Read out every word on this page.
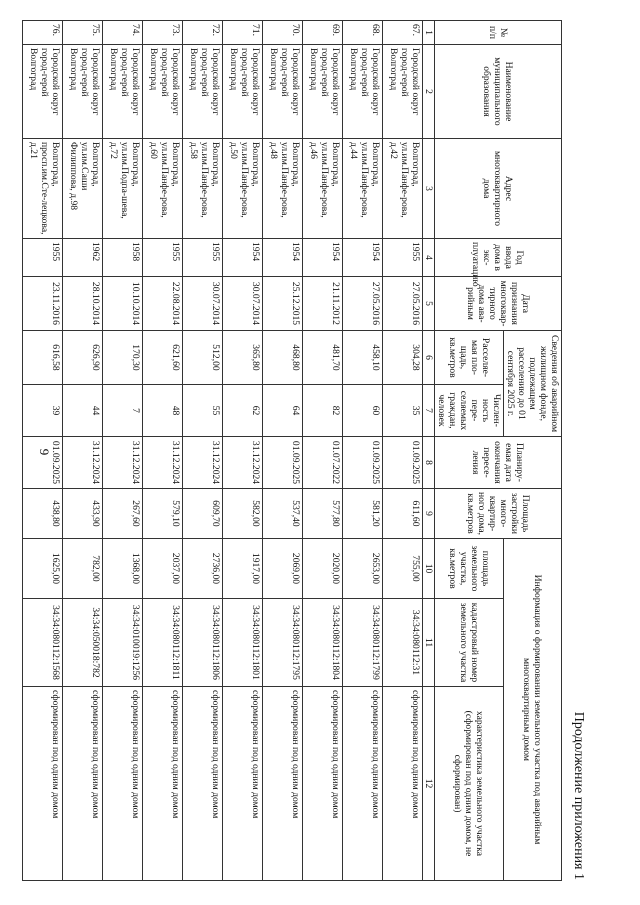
9
Продолжение приложения 1
№ п/п	Наименование муниципального образования	Адрес многоквартирного дома	Год ввода дома в экс-плуатацию	Дата признания многоквар-тирного дома ава-рийным	Сведения об аварийном жилищном фонде, подлежащем расселению до 01 сентября 2025 г.		Планиру-емая дата окончания пересе-ления	Площадь застройки много-квартир-ного дома, кв.метров	Информация о формировании земельного участка под аварийным многоквартирным домом		
					Расселяе-мая пло-щадь, кв.метров	Числен-ность пере-селяемых граждан, человек			площадь земельного участка, кв.метров	кадастровый номер земельного участка	характеристика земельного участка (сформирован под одним домом, не сформирован)
1	2	3	4	5	6	7	8	9	10	11	12
67.	Городской округ город-герой Волгоград	Волгоград, ул.им.Панфе-рова, д.42	1955	27.05.2016	304,28	35	01.09.2025	611,60	755,00	34:34:080112:31	сформирован под одним домом
68.	Городской округ город-герой Волгоград	Волгоград, ул.им.Панфе-рова, д.44	1954	27.05.2016	458,10	60	01.09.2025	581,20	2653,00	34:34:080112:1799	сформирован под одним домом
69.	Городской округ город-герой Волгоград	Волгоград, ул.им.Панфе-рова, д.46	1954	21.11.2012	481,70	82	01.07.2022	577,80	2020,00	34:34:080112:1804	сформирован под одним домом
70.	Городской округ город-герой Волгоград	Волгоград, ул.им.Панфе-рова, д.48	1954	25.12.2015	468,80	64	01.09.2025	537,40	2069,00	34:34:080112:1795	сформирован под одним домом
71.	Городской округ город-герой Волгоград	Волгоград, ул.им.Панфе-рова, д.50	1954	30.07.2014	365,80	62	31.12.2024	582,00	1917,00	34:34:080112:1801	сформирован под одним домом
72.	Городской округ город-герой Волгоград	Волгоград, ул.им.Панфе-рова, д.58	1955	30.07.2014	512,00	55	31.12.2024	609,70	2736,00	34:34:080112:1806	сформирован под одним домом
73.	Городской округ город-герой Волгоград	Волгоград, ул.им.Панфе-рова, д.60	1955	22.08.2014	621,60	48	31.12.2024	579,10	2037,00	34:34:080112:1811	сформирован под одним домом
74.	Городской округ город-герой Волгоград	Волгоград, ул.им.Подпа-шева, д.72	1958	10.10.2014	170,30	7	31.12.2024	267,60	1368,00	34:34:010019:1256	сформирован под одним домом
75.	Городской округ город-герой Волгоград	Волгоград, ул.им.Саши Филиппова, д.98	1962	28.10.2014	626,90	44	31.12.2024	433,90	782,00	34:34:050018:782	сформирован под одним домом
76.	Городской округ город-герой Волгоград	Волгоград, просп.им.Сте-лецкова, д.21	1955	23.11.2016	616,58	39	01.09.2025	438,80	1625,00	34:34:080112:1568	сформирован под одним домом
